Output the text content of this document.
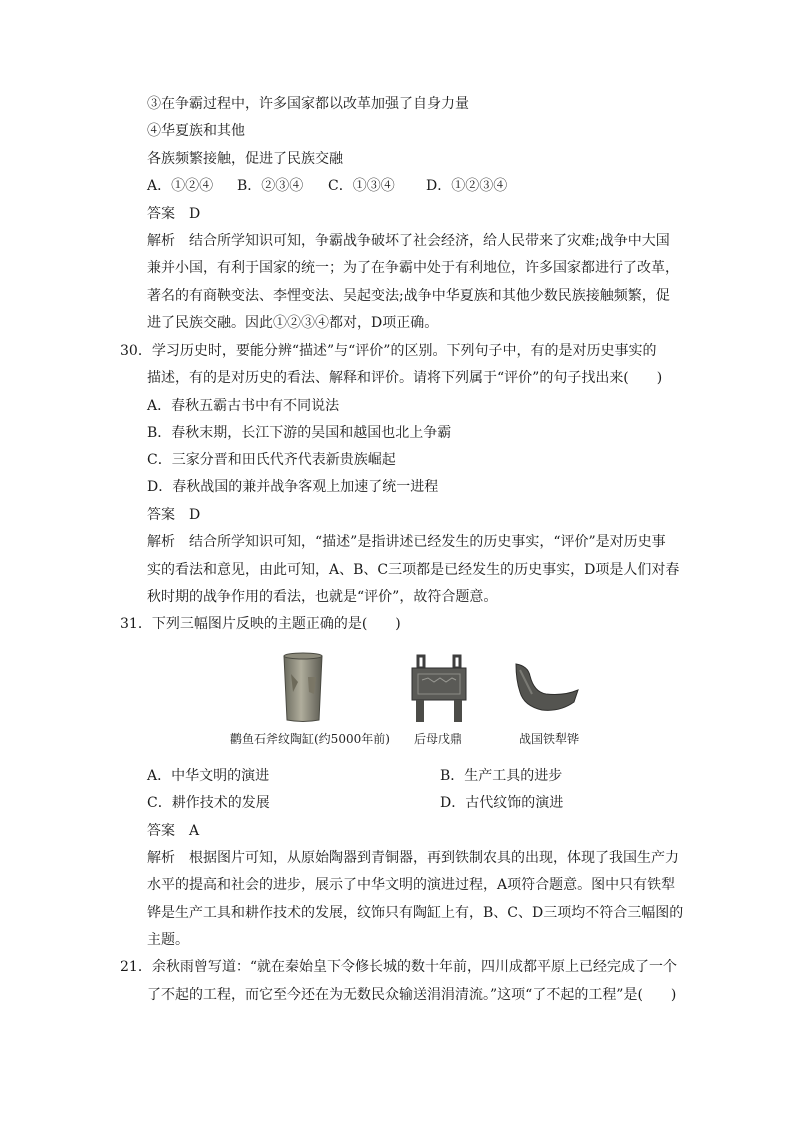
③在争霸过程中，许多国家都以改革加强了自身力量
④华夏族和其他
各族频繁接触，促进了民族交融
A．①②④ B．②③④ C．①③④ D．①②③④
答案　D
解析　结合所学知识可知，争霸战争破坏了社会经济，给人民带来了灾难;战争中大国
兼并小国，有利于国家的统一；为了在争霸中处于有利地位，许多国家都进行了改革，
著名的有商鞅变法、李悝变法、吴起变法;战争中华夏族和其他少数民族接触频繁，促
进了民族交融。因此①②③④都对，D项正确。
30．学习历史时，要能分辨“描述”与“评价”的区别。下列句子中，有的是对历史事实的
描述，有的是对历史的看法、解释和评价。请将下列属于“评价”的句子找出来(　　)
A．春秋五霸古书中有不同说法
B．春秋末期，长江下游的吴国和越国也北上争霸
C．三家分晋和田氏代齐代表新贵族崛起
D．春秋战国的兼并战争客观上加速了统一进程
答案　D
解析　结合所学知识可知，“描述”是指讲述已经发生的历史事实，“评价”是对历史事
实的看法和意见，由此可知，A、B、C三项都是已经发生的历史事实，D项是人们对春
秋时期的战争作用的看法，也就是“评价”，故符合题意。
31．下列三幅图片反映的主题正确的是(　　)
鹳鱼石斧纹陶缸(约5000年前) 后母戊鼎	战国铁犁铧
A．中华文明的演进	B．生产工具的进步
C．耕作技术的发展	D．古代纹饰的演进
答案　A
解析　根据图片可知，从原始陶器到青铜器，再到铁制农具的出现，体现了我国生产力
水平的提高和社会的进步，展示了中华文明的演进过程，A项符合题意。图中只有铁犁
铧是生产工具和耕作技术的发展，纹饰只有陶缸上有，B、C、D三项均不符合三幅图的
主题。
21．余秋雨曾写道：“就在秦始皇下令修长城的数十年前，四川成都平原上已经完成了一个
了不起的工程，而它至今还在为无数民众输送涓涓清流。”这项“了不起的工程”是(　　)
